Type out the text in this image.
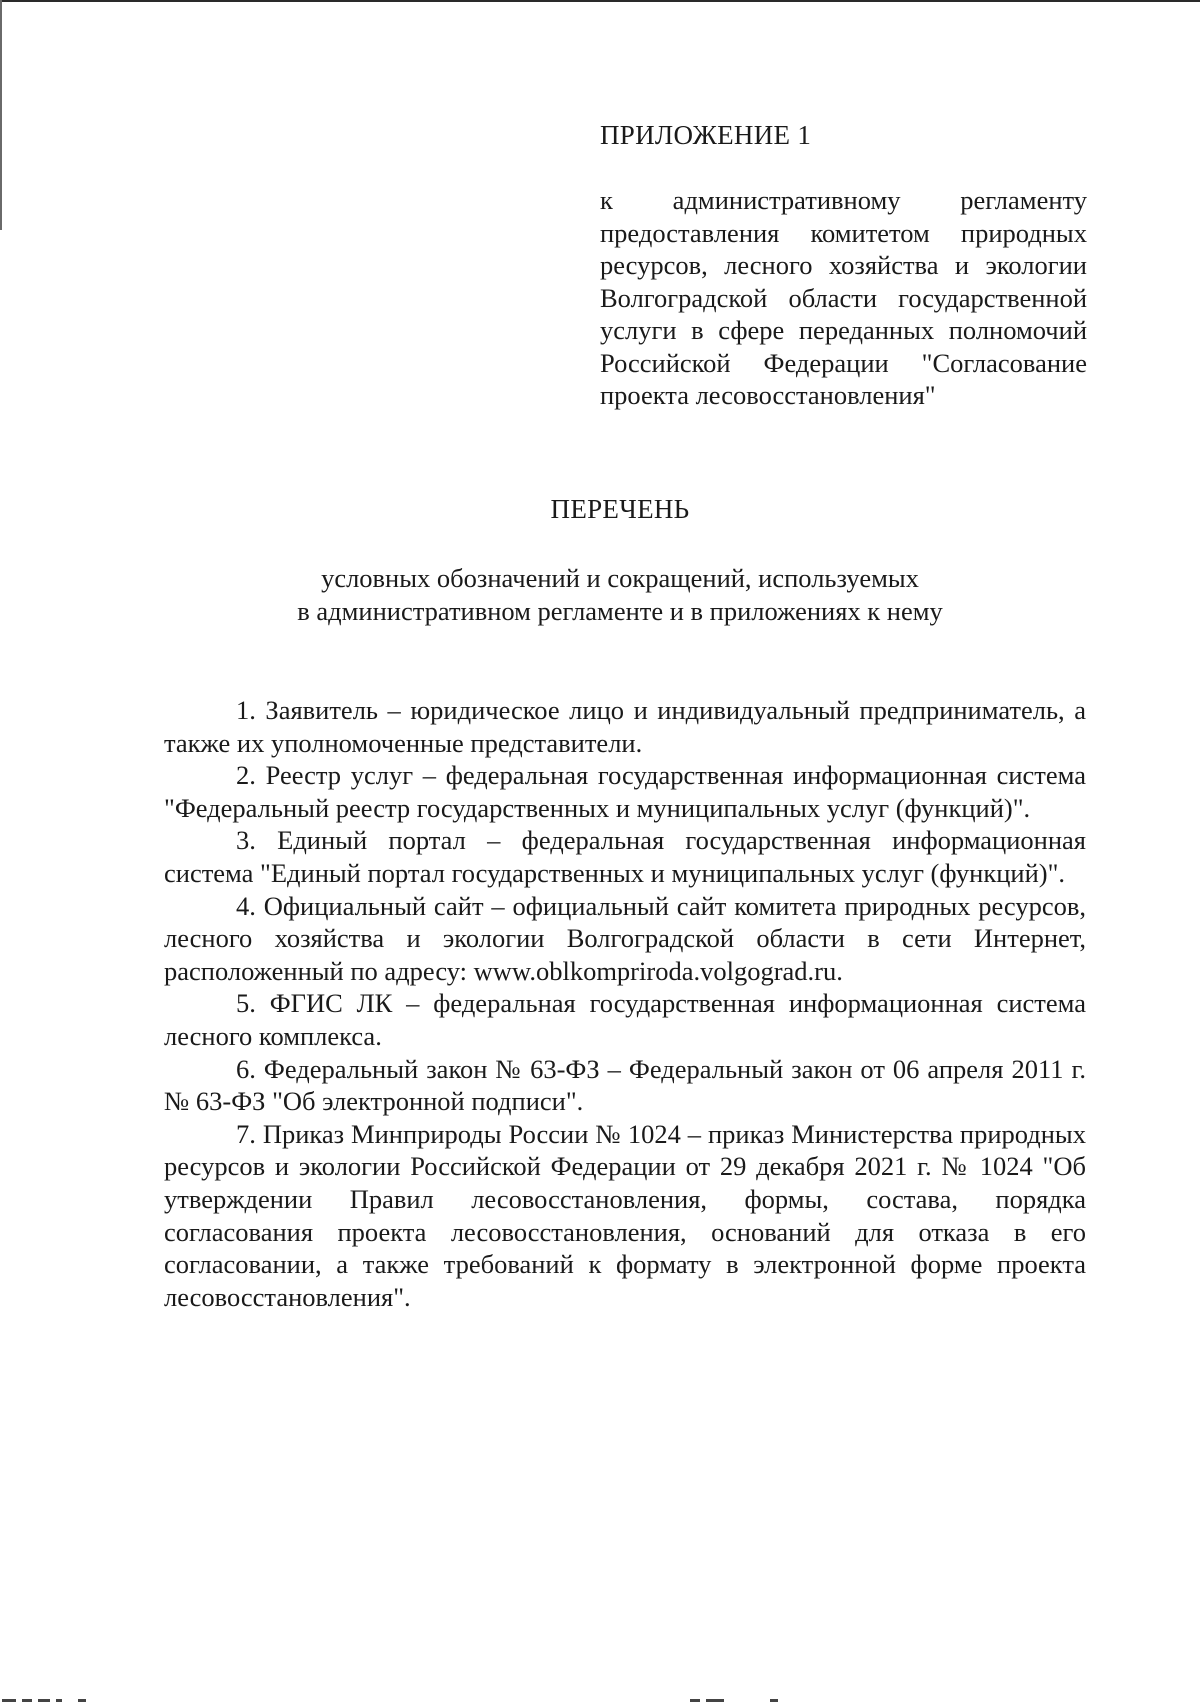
ПРИЛОЖЕНИЕ 1
к административному регламенту предоставления комитетом природных ресурсов, лесного хозяйства и экологии Волгоградской области государственной услуги в сфере переданных полномочий Российской Федерации "Согласование проекта лесовосстановления"
ПЕРЕЧЕНЬ
условных обозначений и сокращений, используемых
в административном регламенте и в приложениях к нему

1. Заявитель – юридическое лицо и индивидуальный предприниматель, а также их уполномоченные представители.

2. Реестр услуг – федеральная государственная информационная система "Федеральный реестр государственных и муниципальных услуг (функций)".

3. Единый портал – федеральная государственная информационная система "Единый портал государственных и муниципальных услуг (функций)".

4. Официальный сайт – официальный сайт комитета природных ресурсов, лесного хозяйства и экологии Волгоградской области в сети Интернет, расположенный по адресу: www.oblkompriroda.volgograd.ru.

5. ФГИС ЛК – федеральная государственная информационная система лесного комплекса.

6. Федеральный закон № 63-ФЗ – Федеральный закон от 06 апреля 2011 г. № 63-ФЗ "Об электронной подписи".

7. Приказ Минприроды России № 1024 – приказ Министерства природных ресурсов и экологии Российской Федерации от 29 декабря 2021 г. № 1024 "Об утверждении Правил лесовосстановления, формы, состава, порядка согласования проекта лесовосстановления, оснований для отказа в его согласовании, а также требований к формату в электронной форме проекта лесовосстановления".
